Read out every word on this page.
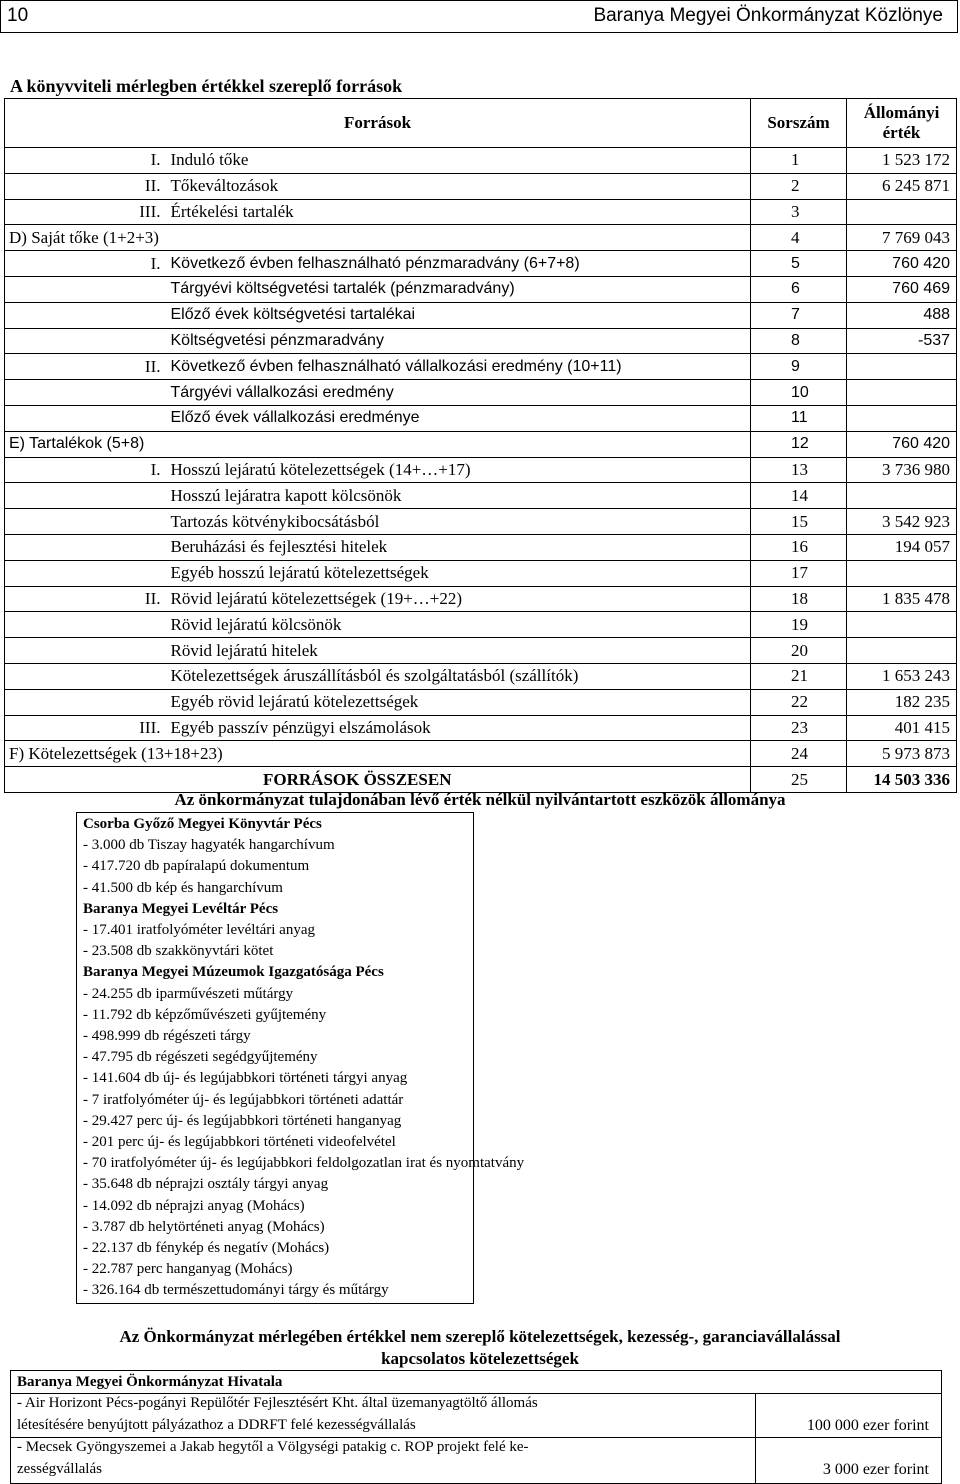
10	Baranya Megyei Önkormányzat Közlönye
A könyvviteli mérlegben értékkel szereplő források
Források		Sorszám	Állományi érték
I.	Induló tőke	1	1 523 172
II.	Tőkeváltozások	2	6 245 871
III.	Értékelési tartalék	3	
D) Saját tőke (1+2+3)		4	7 769 043
I.	Következő évben felhasználható pénzmaradvány (6+7+8)	5	760 420
	Tárgyévi költségvetési tartalék (pénzmaradvány)	6	760 469
	Előző évek költségvetési tartalékai	7	488
	Költségvetési pénzmaradvány	8	-537
II.	Következő évben felhasználható vállalkozási eredmény (10+11)	9	
	Tárgyévi vállalkozási eredmény	10	
	Előző évek vállalkozási eredménye	11	
E) Tartalékok (5+8)		12	760 420
I.	Hosszú lejáratú kötelezettségek (14+…+17)	13	3 736 980
	Hosszú lejáratra kapott kölcsönök	14	
	Tartozás kötvénykibocsátásból	15	3 542 923
	Beruházási és fejlesztési hitelek	16	194 057
	Egyéb hosszú lejáratú kötelezettségek	17	
II.	Rövid lejáratú kötelezettségek (19+…+22)	18	1 835 478
	Rövid lejáratú kölcsönök	19	
	Rövid lejáratú hitelek	20	
	Kötelezettségek áruszállításból és szolgáltatásból (szállítók)	21	1 653 243
	Egyéb rövid lejáratú kötelezettségek	22	182 235
III.	Egyéb passzív pénzügyi elszámolások	23	401 415
F) Kötelezettségek (13+18+23)		24	5 973 873
FORRÁSOK ÖSSZESEN		25	14 503 336
Az önkormányzat tulajdonában lévő érték nélkül nyilvántartott eszközök állománya
Csorba Győző Megyei Könyvtár Pécs
- 3.000 db Tiszay hagyaték hangarchívum
- 417.720 db papíralapú dokumentum
- 41.500 db kép és hangarchívum
Baranya Megyei Levéltár Pécs
- 17.401 iratfolyóméter levéltári anyag
- 23.508 db szakkönyvtári kötet
Baranya Megyei Múzeumok Igazgatósága Pécs
- 24.255 db iparművészeti műtárgy
- 11.792 db képzőművészeti gyűjtemény
- 498.999 db régészeti tárgy
- 47.795 db régészeti segédgyűjtemény
- 141.604 db új- és legújabbkori történeti tárgyi anyag
- 7 iratfolyóméter új- és legújabbkori történeti adattár
- 29.427 perc új- és legújabbkori történeti hanganyag
- 201 perc új- és legújabbkori történeti videofelvétel
- 70 iratfolyóméter új- és legújabbkori feldolgozatlan irat és nyomtatvány
- 35.648 db néprajzi osztály tárgyi anyag
- 14.092 db néprajzi anyag (Mohács)
- 3.787 db helytörténeti anyag (Mohács)
- 22.137 db fénykép és negatív (Mohács)
- 22.787 perc hanganyag (Mohács)
- 326.164 db természettudományi tárgy és műtárgy
Az Önkormányzat mérlegében értékkel nem szereplő kötelezettségek, kezesség-, garanciavállalással
kapcsolatos kötelezettségek
Baranya Megyei Önkormányzat Hivatala
- Air Horizont Pécs-pogányi Repülőtér Fejlesztésért Kht. által üzemanyagtöltő állomás
létesítésére benyújtott pályázathoz a DDRFT felé kezességvállalás	100 000 ezer forint
- Mecsek Gyöngyszemei a Jakab hegytől a Völgységi patakig c. ROP projekt felé ke-
zességvállalás	3 000 ezer forint
